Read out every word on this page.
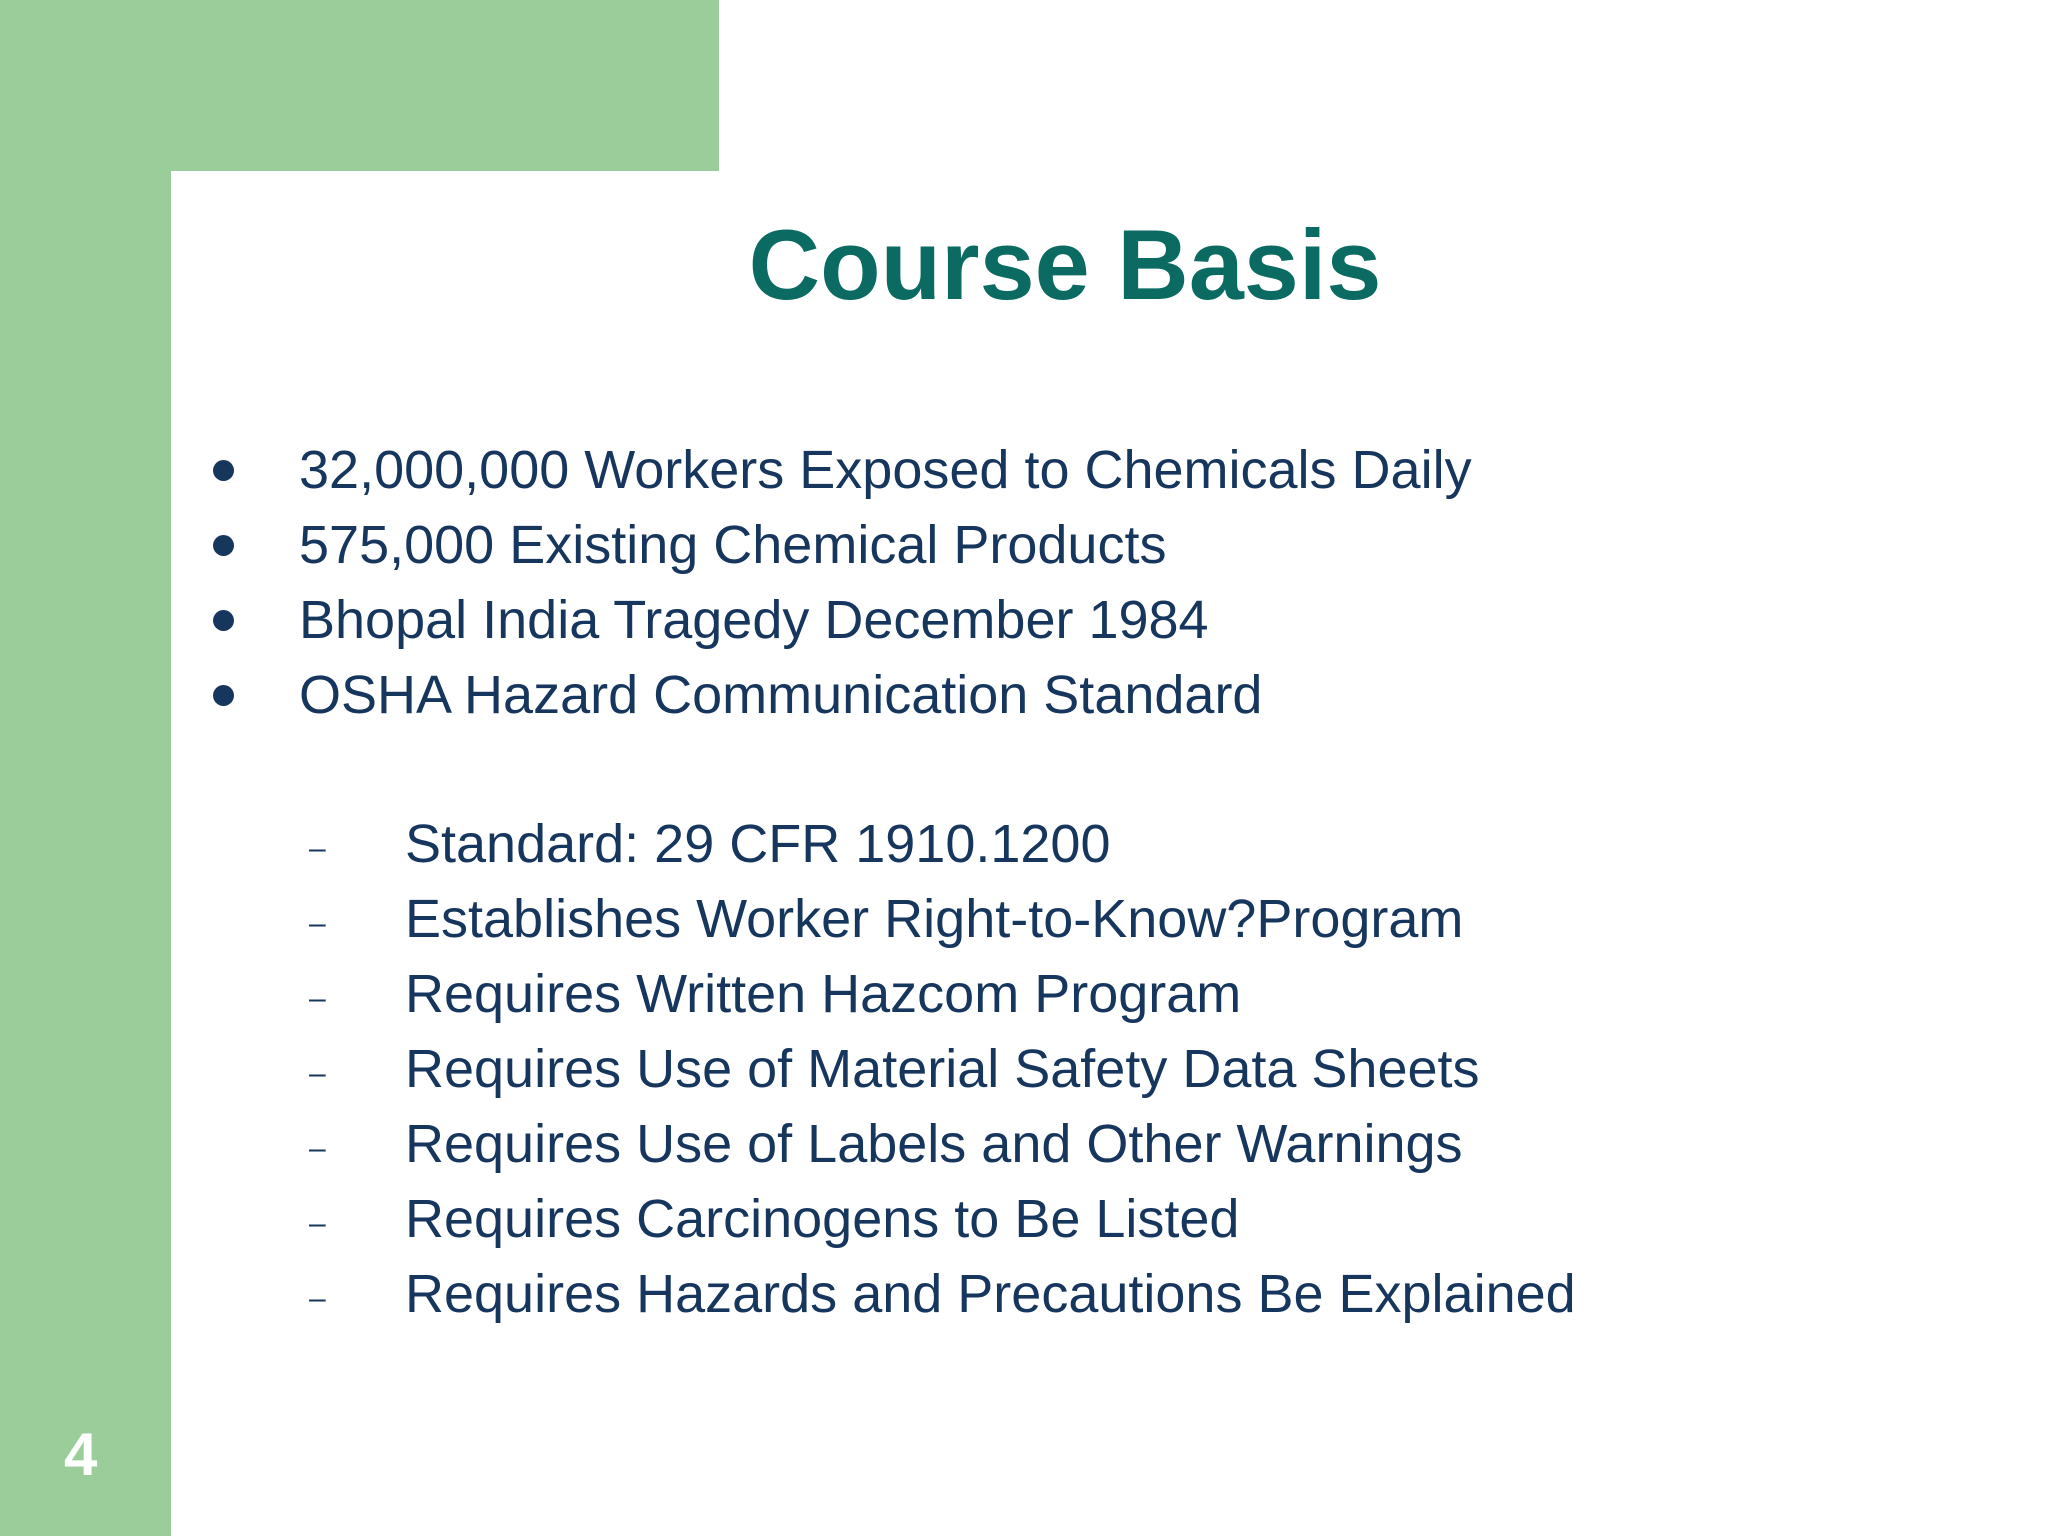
Course Basis
32,000,000 Workers Exposed to Chemicals Daily
575,000 Existing Chemical Products
Bhopal India Tragedy December 1984
OSHA Hazard Communication Standard
– Standard: 29 CFR 1910.1200
– Establishes Worker Right-to-Know?Program
– Requires Written Hazcom Program
– Requires Use of Material Safety Data Sheets
– Requires Use of Labels and Other Warnings
– Requires Carcinogens to Be Listed
– Requires Hazards and Precautions Be Explained
4
